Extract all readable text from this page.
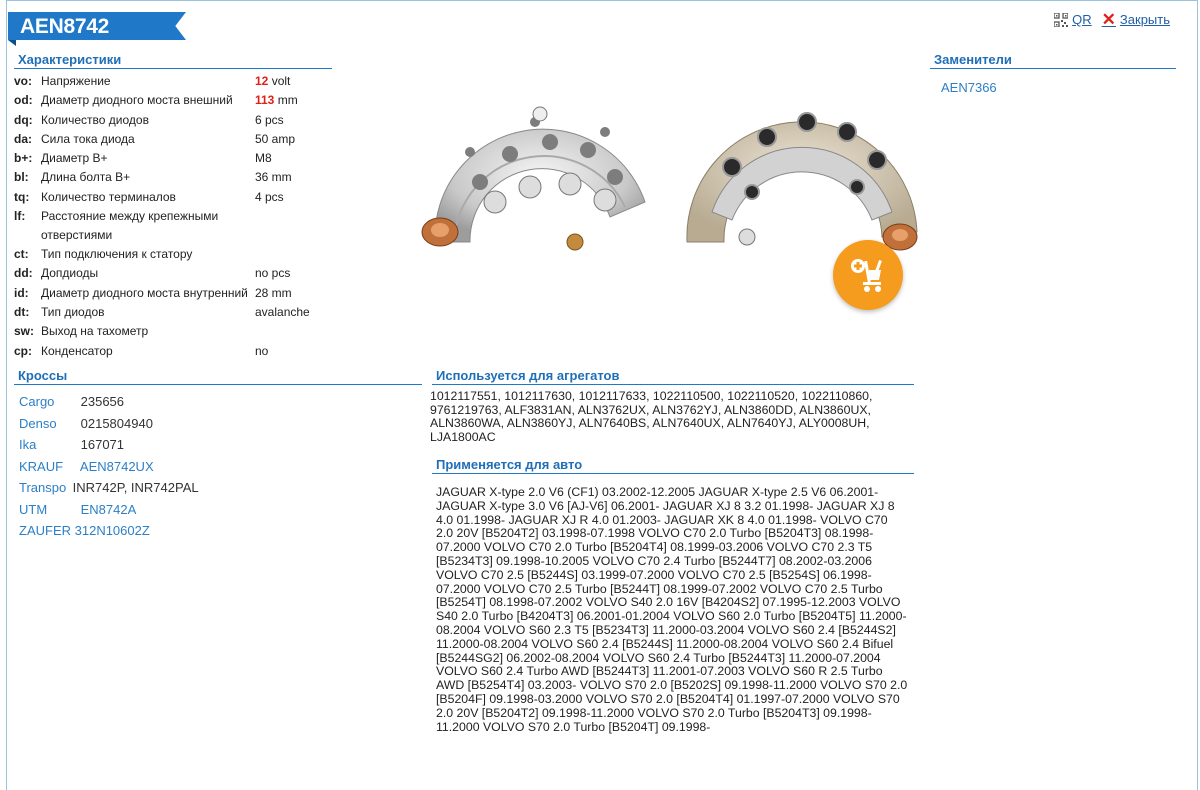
AEN8742	QR ✕ Закрыть
Характеристики
vo:	Напряжение	12 volt
od:	Диаметр диодного моста внешний	113 mm
dq:	Количество диодов	6 pcs
da:	Сила тока диода	50 amp
b+:	Диаметр B+	M8
bl:	Длина болта B+	36 mm
tq:	Количество терминалов	4 pcs
lf:	Расстояние между крепежными отверстиями	
ct:	Тип подключения к статору	
dd:	Допдиоды	no pcs
id:	Диаметр диодного моста внутренний	28 mm
dt:	Тип диодов	avalanche
sw:	Выход на тахометр	
cp:	Конденсатор	no
Кроссы
Cargo 235656
Denso 0215804940
Ika	167071
KRAUF AEN8742UX
Transpo INR742P, INR742PAL
UTM	EN8742A
ZAUFER 312N10602Z
Используется для агрегатов
1012117551, 1012117630, 1012117633, 1022110500, 1022110520, 1022110860, 9761219763, ALF3831AN, ALN3762UX, ALN3762YJ, ALN3860DD, ALN3860UX, ALN3860WA, ALN3860YJ, ALN7640BS, ALN7640UX, ALN7640YJ, ALY0008UH, LJA1800AC
Применяется для авто
JAGUAR X-type 2.0 V6 (CF1) 03.2002-12.2005 JAGUAR X-type 2.5 V6 06.2001- JAGUAR X-type 3.0 V6 [AJ-V6] 06.2001- JAGUAR XJ 8 3.2 01.1998- JAGUAR XJ 8 4.0 01.1998- JAGUAR XJ R 4.0 01.2003- JAGUAR XK 8 4.0 01.1998- VOLVO C70 2.0 20V [B5204T2] 03.1998-07.1998 VOLVO C70 2.0 Turbo [B5204T3] 08.1998-07.2000 VOLVO C70 2.0 Turbo [B5204T4] 08.1999-03.2006 VOLVO C70 2.3 T5 [B5234T3] 09.1998-10.2005 VOLVO C70 2.4 Turbo [B5244T7] 08.2002-03.2006 VOLVO C70 2.5 [B5244S] 03.1999-07.2000 VOLVO C70 2.5 [B5254S] 06.1998-07.2000 VOLVO C70 2.5 Turbo [B5244T] 08.1999-07.2002 VOLVO C70 2.5 Turbo [B5254T] 08.1998-07.2002 VOLVO S40 2.0 16V [B4204S2] 07.1995-12.2003 VOLVO S40 2.0 Turbo [B4204T3] 06.2001-01.2004 VOLVO S60 2.0 Turbo [B5204T5] 11.2000-08.2004 VOLVO S60 2.3 T5 [B5234T3] 11.2000-03.2004 VOLVO S60 2.4 [B5244S2] 11.2000-08.2004 VOLVO S60 2.4 [B5244S] 11.2000-08.2004 VOLVO S60 2.4 Bifuel [B5244SG2] 06.2002-08.2004 VOLVO S60 2.4 Turbo [B5244T3] 11.2000-07.2004 VOLVO S60 2.4 Turbo AWD [B5244T3] 11.2001-07.2003 VOLVO S60 R 2.5 Turbo AWD [B5254T4] 03.2003- VOLVO S70 2.0 [B5202S] 09.1998-11.2000 VOLVO S70 2.0 [B5204F] 09.1998-03.2000 VOLVO S70 2.0 [B5204T4] 01.1997-07.2000 VOLVO S70 2.0 20V [B5204T2] 09.1998-11.2000 VOLVO S70 2.0 Turbo [B5204T3] 09.1998-11.2000 VOLVO S70 2.0 Turbo [B5204T] 09.1998-
Заменители
AEN7366
